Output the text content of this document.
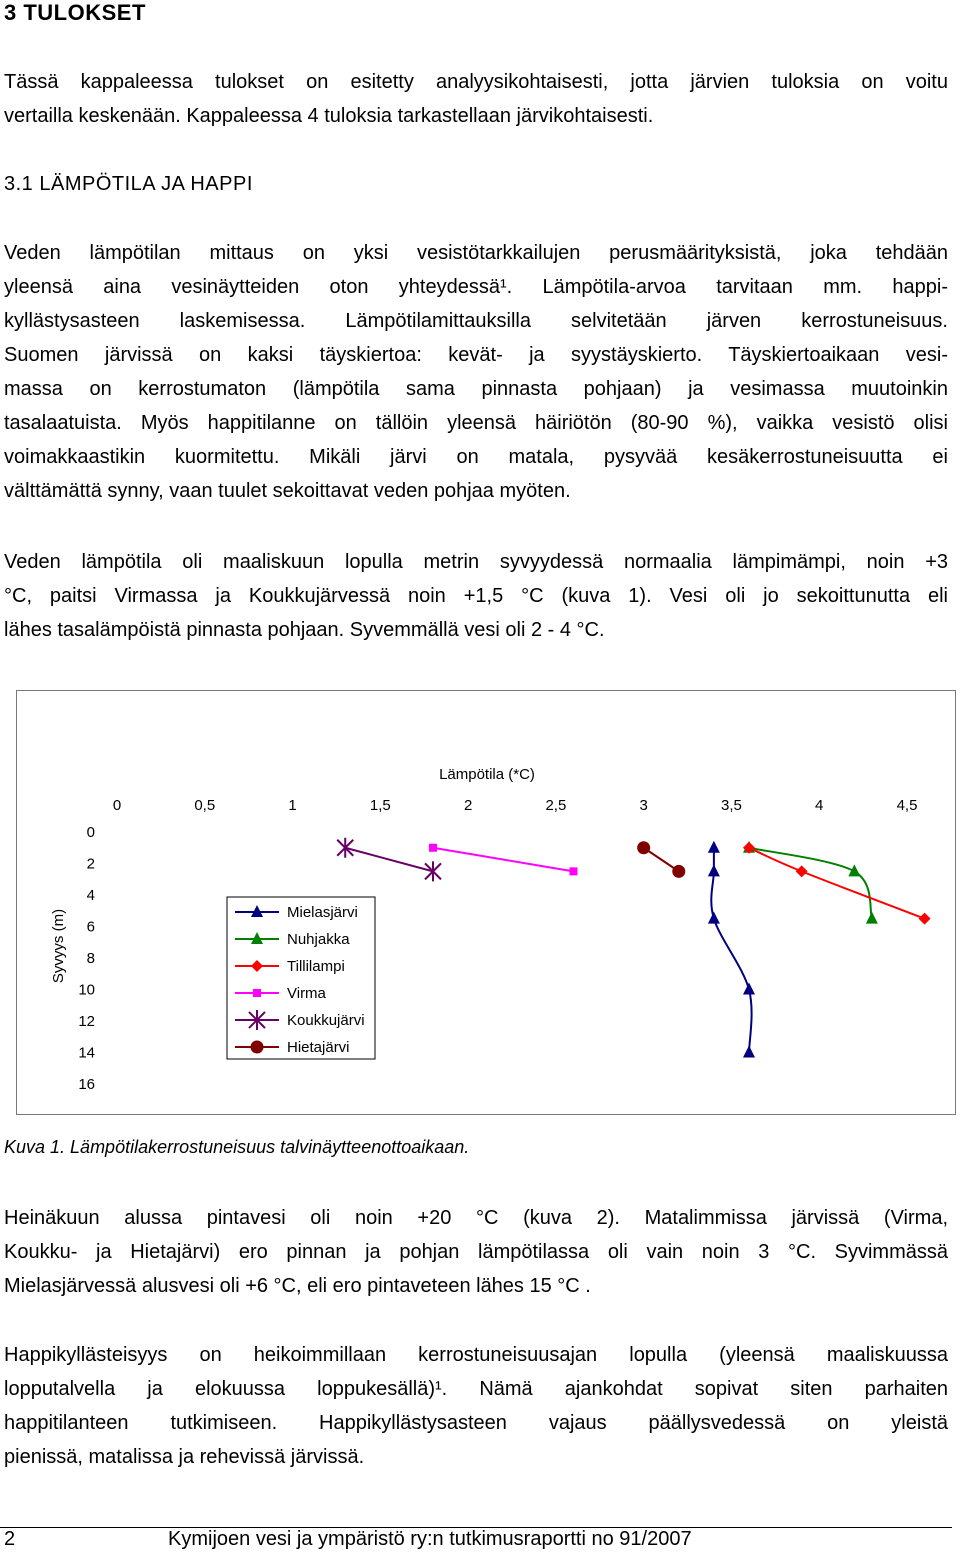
3 TULOKSET

Tässä kappaleessa tulokset on esitetty analyysikohtaisesti, jotta järvien tuloksia on voitu
vertailla keskenään. Kappaleessa 4 tuloksia tarkastellaan järvikohtaisesti.

3.1 LÄMPÖTILA JA HAPPI

Veden lämpötilan mittaus on yksi vesistötarkkailujen perusmäärityksistä, joka tehdään
yleensä aina vesinäytteiden oton yhteydessä¹. Lämpötila-arvoa tarvitaan mm. happi-
kyllästysasteen laskemisessa. Lämpötilamittauksilla selvitetään järven kerrostuneisuus.
Suomen järvissä on kaksi täyskiertoa: kevät- ja syystäyskierto. Täyskiertoaikaan vesi-
massa on kerrostumaton (lämpötila sama pinnasta pohjaan) ja vesimassa muutoinkin
tasalaatuista. Myös happitilanne on tällöin yleensä häiriötön (80-90 %), vaikka vesistö olisi
voimakkaastikin kuormitettu. Mikäli järvi on matala, pysyvää kesäkerrostuneisuutta ei
välttämättä synny, vaan tuulet sekoittavat veden pohjaa myöten.

Veden lämpötila oli maaliskuun lopulla metrin syvyydessä normaalia lämpimämpi, noin +3
°C, paitsi Virmassa ja Koukkujärvessä noin +1,5 °C (kuva 1). Vesi oli jo sekoittunutta eli
lähes tasalämpöistä pinnasta pohjaan. Syvemmällä vesi oli 2 - 4 °C.

Lämpötila (*C)
0	0,5	1	1,5	2	2,5	3	3,5	4	4,5
0
2
4
6
8
10
12
14
16
Syvyys (m)	Mielasjärvi
Nuhjakka
Tillilampi
Virma
Koukkujärvi
Hietajärvi

Kuva 1. Lämpötilakerrostuneisuus talvinäytteenottoaikaan.

Heinäkuun alussa pintavesi oli noin +20 °C (kuva 2). Matalimmissa järvissä (Virma,
Koukku- ja Hietajärvi) ero pinnan ja pohjan lämpötilassa oli vain noin 3 °C. Syvimmässä
Mielasjärvessä alusvesi oli +6 °C, eli ero pintaveteen lähes 15 °C .

Happikyllästeisyys on heikoimmillaan kerrostuneisuusajan lopulla (yleensä maaliskuussa
lopputalvella ja elokuussa loppukesällä)¹. Nämä ajankohdat sopivat siten parhaiten
happitilanteen tutkimiseen. Happikyllästysasteen vajaus päällysvedessä on yleistä
pienissä, matalissa ja rehevissä järvissä.

2	Kymijoen vesi ja ympäristö ry:n tutkimusraportti no 91/2007
